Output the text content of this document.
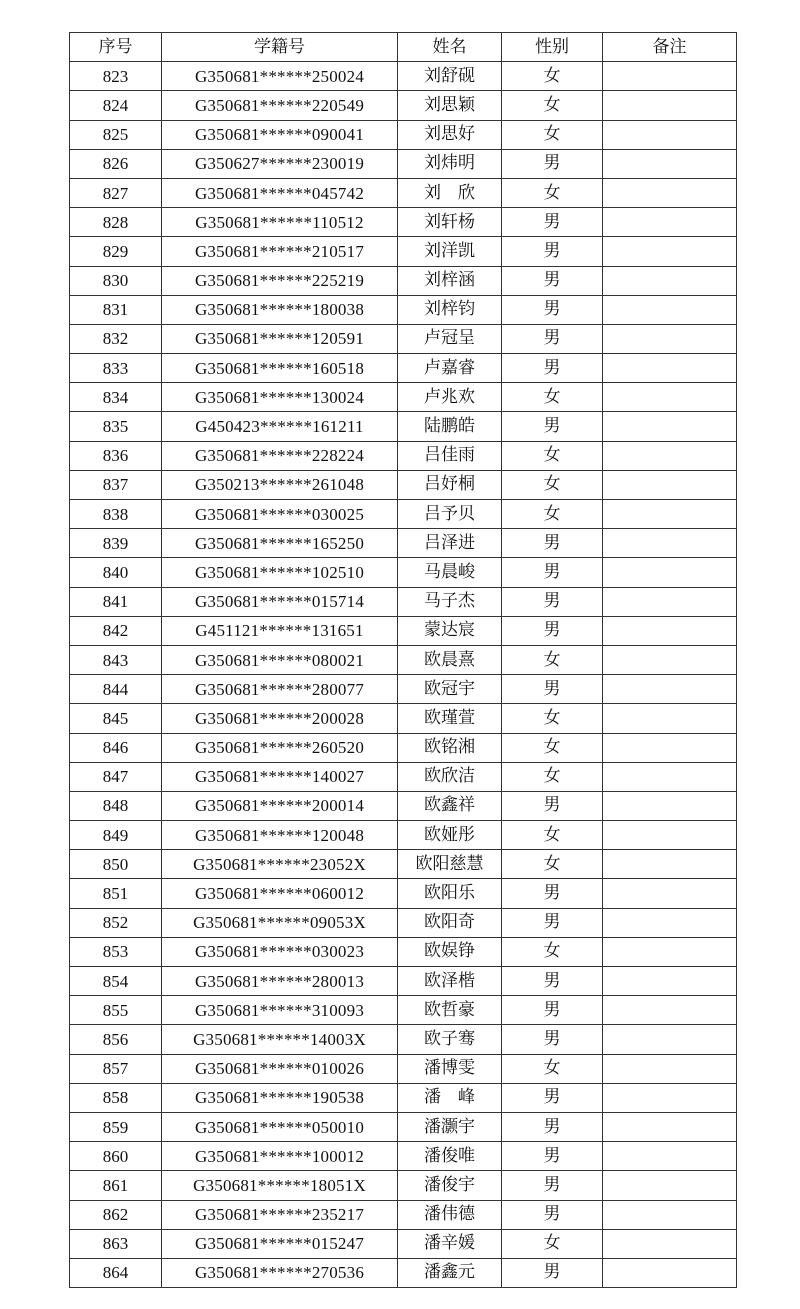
序号	学籍号	姓名	性别	备注
823	G350681******250024	刘舒砚	女	
824	G350681******220549	刘思颖	女	
825	G350681******090041	刘思好	女	
826	G350627******230019	刘炜明	男	
827	G350681******045742	刘　欣	女	
828	G350681******110512	刘轩杨	男	
829	G350681******210517	刘洋凯	男	
830	G350681******225219	刘梓涵	男	
831	G350681******180038	刘梓钧	男	
832	G350681******120591	卢冠呈	男	
833	G350681******160518	卢嘉睿	男	
834	G350681******130024	卢兆欢	女	
835	G450423******161211	陆鹏皓	男	
836	G350681******228224	吕佳雨	女	
837	G350213******261048	吕妤桐	女	
838	G350681******030025	吕予贝	女	
839	G350681******165250	吕泽进	男	
840	G350681******102510	马晨峻	男	
841	G350681******015714	马子杰	男	
842	G451121******131651	蒙达宸	男	
843	G350681******080021	欧晨熹	女	
844	G350681******280077	欧冠宇	男	
845	G350681******200028	欧瑾萱	女	
846	G350681******260520	欧铭湘	女	
847	G350681******140027	欧欣洁	女	
848	G350681******200014	欧鑫祥	男	
849	G350681******120048	欧娅彤	女	
850	G350681******23052X	欧阳慈慧	女	
851	G350681******060012	欧阳乐	男	
852	G350681******09053X	欧阳奇	男	
853	G350681******030023	欧娱铮	女	
854	G350681******280013	欧泽楷	男	
855	G350681******310093	欧哲豪	男	
856	G350681******14003X	欧子骞	男	
857	G350681******010026	潘博雯	女	
858	G350681******190538	潘　峰	男	
859	G350681******050010	潘灏宇	男	
860	G350681******100012	潘俊唯	男	
861	G350681******18051X	潘俊宇	男	
862	G350681******235217	潘伟德	男	
863	G350681******015247	潘辛媛	女	
864	G350681******270536	潘鑫元	男	
